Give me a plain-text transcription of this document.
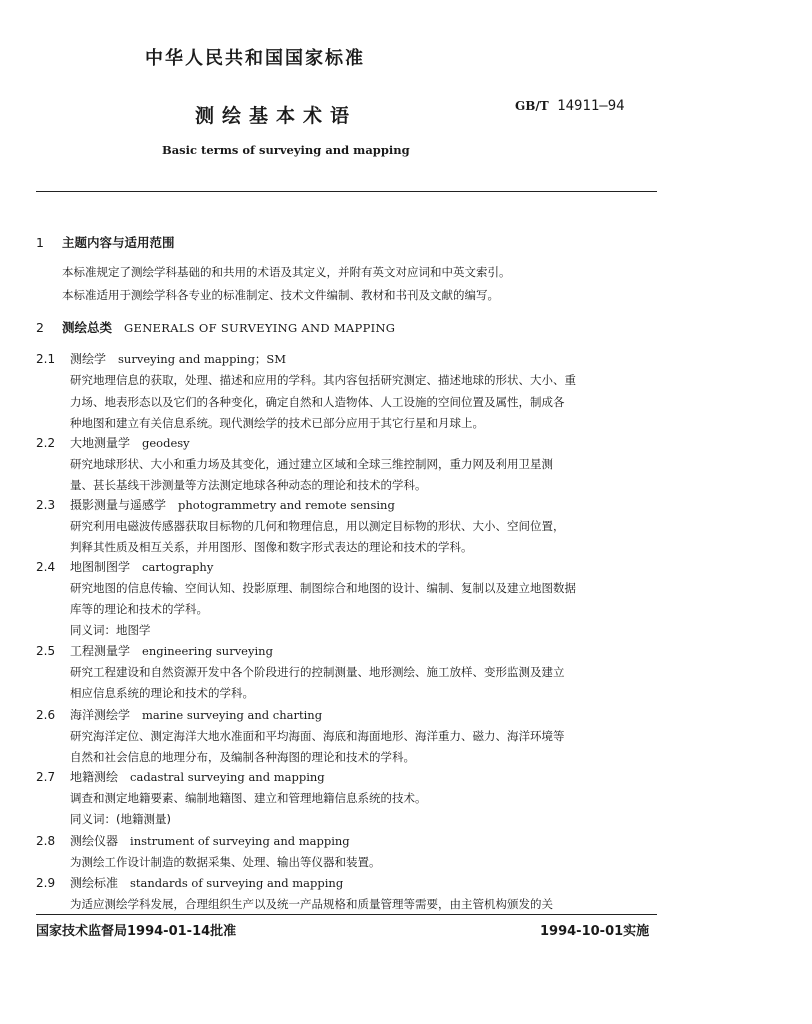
中华人民共和国国家标准
测绘基本术语	GB/T 14911—94
Basic terms of surveying and mapping
1 主题内容与适用范围
本标准规定了测绘学科基础的和共用的术语及其定义，并附有英文对应词和中英文索引。
本标准适用于测绘学科各专业的标准制定、技术文件编制、教材和书刊及文献的编写。
2 测绘总类 GENERALS OF SURVEYING AND MAPPING
2.1 测绘学 surveying and mapping；SM
研究地理信息的获取，处理、描述和应用的学科。其内容包括研究测定、描述地球的形状、大小、重
力场、地表形态以及它们的各种变化，确定自然和人造物体、人工设施的空间位置及属性，制成各
种地图和建立有关信息系统。现代测绘学的技术已部分应用于其它行星和月球上。
2.2 大地测量学 geodesy
研究地球形状、大小和重力场及其变化，通过建立区域和全球三维控制网，重力网及利用卫星测
量、甚长基线干涉测量等方法测定地球各种动态的理论和技术的学科。
2.3 摄影测量与遥感学 photogrammetry and remote sensing
研究利用电磁波传感器获取目标物的几何和物理信息，用以测定目标物的形状、大小、空间位置，
判释其性质及相互关系，并用图形、图像和数字形式表达的理论和技术的学科。
2.4 地图制图学 cartography
研究地图的信息传输、空间认知、投影原理、制图综合和地图的设计、编制、复制以及建立地图数据
库等的理论和技术的学科。
同义词：地图学
2.5 工程测量学 engineering surveying
研究工程建设和自然资源开发中各个阶段进行的控制测量、地形测绘、施工放样、变形监测及建立
相应信息系统的理论和技术的学科。
2.6 海洋测绘学 marine surveying and charting
研究海洋定位、测定海洋大地水准面和平均海面、海底和海面地形、海洋重力、磁力、海洋环境等
自然和社会信息的地理分布，及编制各种海图的理论和技术的学科。
2.7 地籍测绘 cadastral surveying and mapping
调查和测定地籍要素、编制地籍图、建立和管理地籍信息系统的技术。
同义词：(地籍测量)
2.8 测绘仪器 instrument of surveying and mapping
为测绘工作设计制造的数据采集、处理、输出等仪器和装置。
2.9 测绘标准 standards of surveying and mapping
为适应测绘学科发展，合理组织生产以及统一产品规格和质量管理等需要，由主管机构颁发的关
国家技术监督局1994-01-14批准	1994-10-01实施
